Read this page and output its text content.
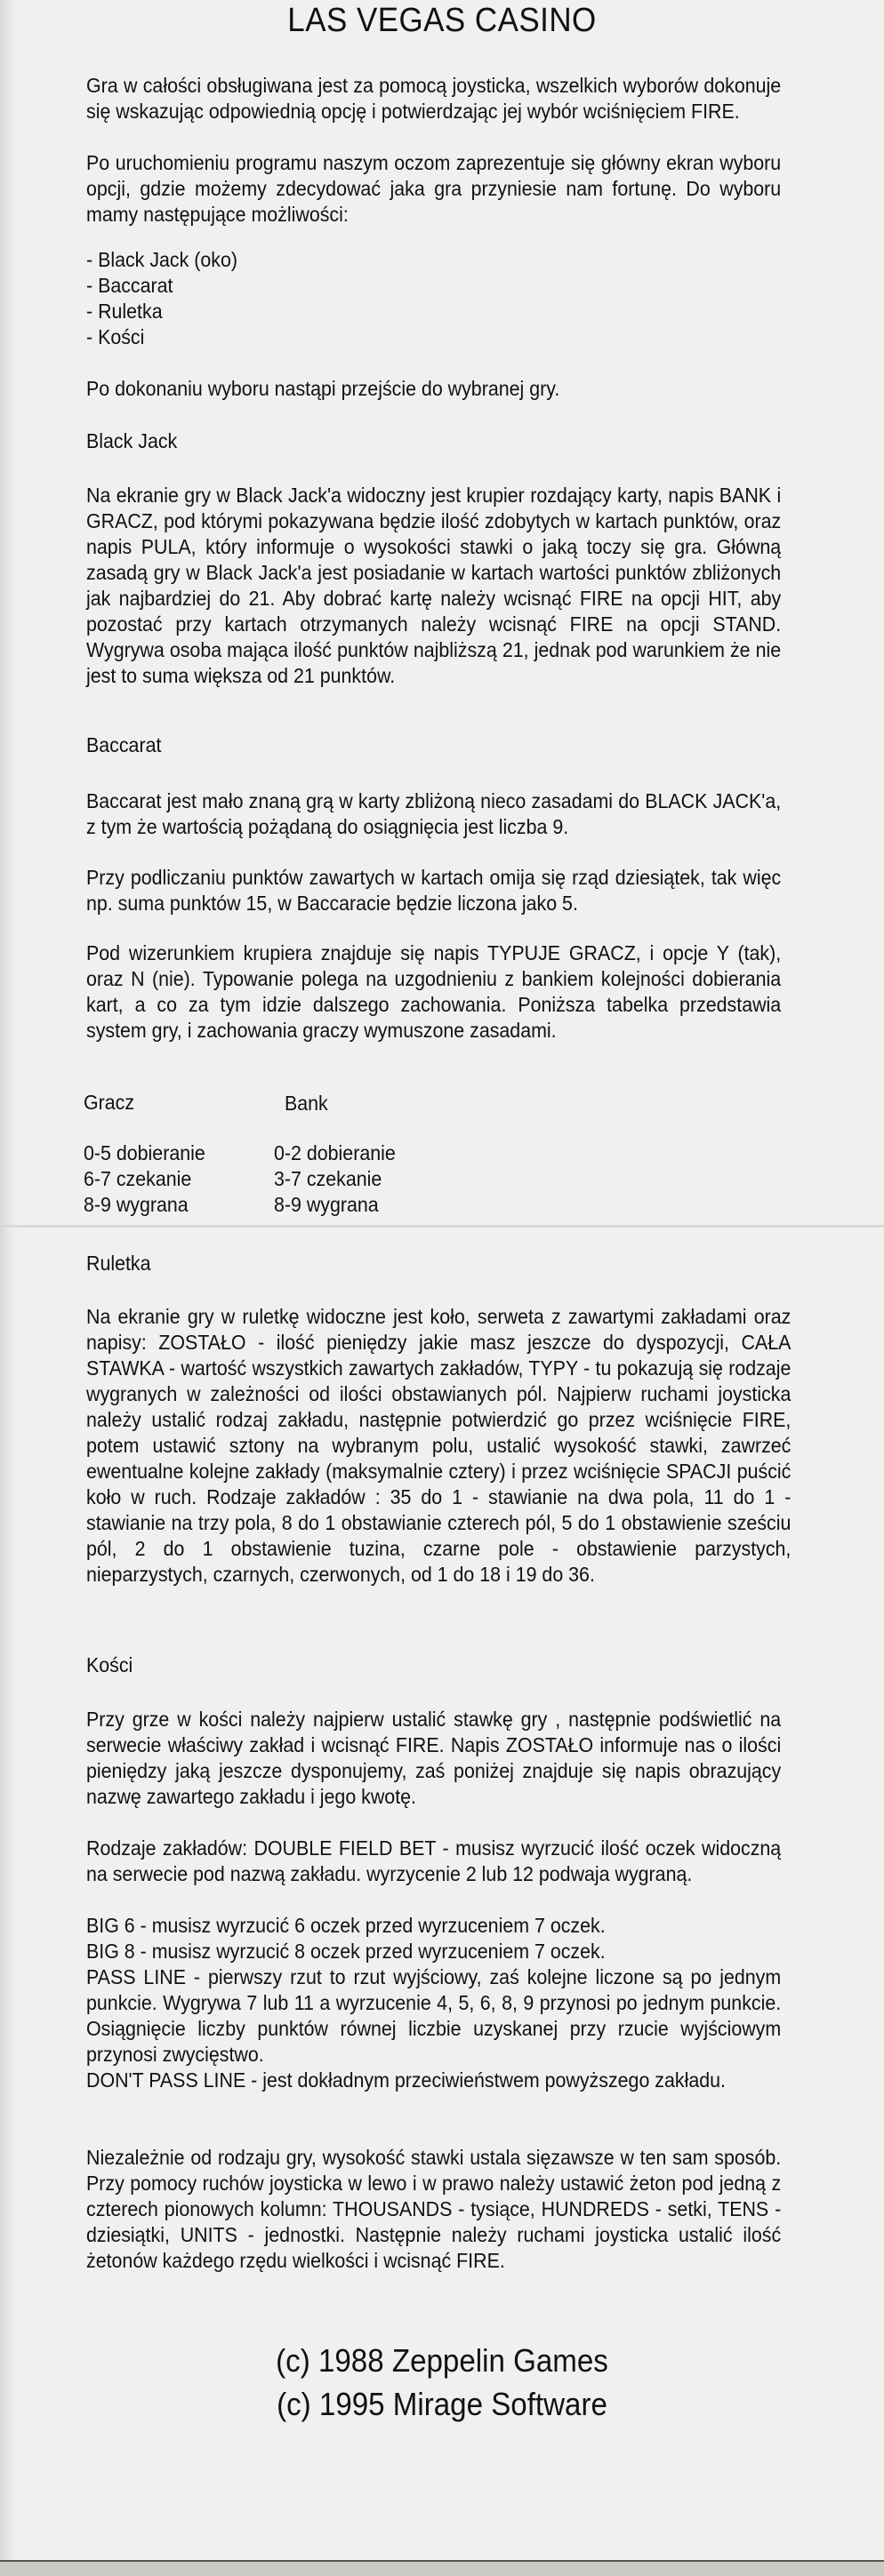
LAS VEGAS CASINO
Gra w całości obsługiwana jest za pomocą joysticka, wszelkich wyborów dokonuje się wskazując odpowiednią opcję i potwierdzając jej wybór wciśnięciem FIRE.
Po uruchomieniu programu naszym oczom zaprezentuje się główny ekran wyboru opcji, gdzie możemy zdecydować jaka gra przyniesie nam fortunę. Do wyboru mamy następujące możliwości:
- Black Jack (oko)
- Baccarat
- Ruletka
- Kości
Po dokonaniu wyboru nastąpi przejście do wybranej gry.
Black Jack
Na ekranie gry w Black Jack'a widoczny jest krupier rozdający karty, napis BANK i GRACZ, pod którymi pokazywana będzie ilość zdobytych w kartach punktów, oraz napis PULA, który informuje o wysokości stawki o jaką toczy się gra. Główną zasadą gry w Black Jack'a jest posiadanie w kartach wartości punktów zbliżonych jak najbardziej do 21. Aby dobrać kartę należy wcisnąć FIRE na opcji HIT, aby pozostać przy kartach otrzymanych należy wcisnąć FIRE na opcji STAND. Wygrywa osoba mająca ilość punktów najbliższą 21, jednak pod warunkiem że nie jest to suma większa od 21 punktów.
Baccarat
Baccarat jest mało znaną grą w karty zbliżoną nieco zasadami do BLACK JACK'a, z tym że wartością pożądaną do osiągnięcia jest liczba 9.
Przy podliczaniu punktów zawartych w kartach omija się rząd dziesiątek, tak więc np. suma punktów 15, w Baccaracie będzie liczona jako 5.
Pod wizerunkiem krupiera znajduje się napis TYPUJE GRACZ, i opcje Y (tak), oraz N (nie). Typowanie polega na uzgodnieniu z bankiem kolejności dobierania kart, a co za tym idzie dalszego zachowania. Poniższa tabelka przedstawia system gry, i zachowania graczy wymuszone zasadami.
Gracz	Bank
0-5 dobieranie
6-7 czekanie
8-9 wygrana
0-2 dobieranie
3-7 czekanie
8-9 wygrana
Ruletka
Na ekranie gry w ruletkę widoczne jest koło, serweta z zawartymi zakładami oraz napisy: ZOSTAŁO - ilość pieniędzy jakie masz jeszcze do dyspozycji, CAŁA STAWKA - wartość wszystkich zawartych zakładów, TYPY - tu pokazują się rodzaje wygranych w zależności od ilości obstawianych pól. Najpierw ruchami joysticka należy ustalić rodzaj zakładu, następnie potwierdzić go przez wciśnięcie FIRE, potem ustawić sztony na wybranym polu, ustalić wysokość stawki, zawrzeć ewentualne kolejne zakłady (maksymalnie cztery) i przez wciśnięcie SPACJI puścić koło w ruch. Rodzaje zakładów : 35 do 1 - stawianie na dwa pola, 11 do 1 - stawianie na trzy pola, 8 do 1 obstawianie czterech pól, 5 do 1 obstawienie sześciu pól, 2 do 1 obstawienie tuzina, czarne pole - obstawienie parzystych, nieparzystych, czarnych, czerwonych, od 1 do 18 i 19 do 36.
Kości
Przy grze w kości należy najpierw ustalić stawkę gry , następnie podświetlić na serwecie właściwy zakład i wcisnąć FIRE. Napis ZOSTAŁO informuje nas o ilości pieniędzy jaką jeszcze dysponujemy, zaś poniżej znajduje się napis obrazujący nazwę zawartego zakładu i jego kwotę.
Rodzaje zakładów: DOUBLE FIELD BET - musisz wyrzucić ilość oczek widoczną na serwecie pod nazwą zakładu. wyrzycenie 2 lub 12 podwaja wygraną.
BIG 6 - musisz wyrzucić 6 oczek przed wyrzuceniem 7 oczek.
BIG 8 - musisz wyrzucić 8 oczek przed wyrzuceniem 7 oczek.
PASS LINE - pierwszy rzut to rzut wyjściowy, zaś kolejne liczone są po jednym punkcie. Wygrywa 7 lub 11 a wyrzucenie 4, 5, 6, 8, 9 przynosi po jednym punkcie. Osiągnięcie liczby punktów równej liczbie uzyskanej przy rzucie wyjściowym przynosi zwycięstwo.
DON'T PASS LINE - jest dokładnym przeciwieństwem powyższego zakładu.
Niezależnie od rodzaju gry, wysokość stawki ustala sięzawsze w ten sam sposób. Przy pomocy ruchów joysticka w lewo i w prawo należy ustawić żeton pod jedną z czterech pionowych kolumn: THOUSANDS - tysiące, HUNDREDS - setki, TENS - dziesiątki, UNITS - jednostki. Następnie należy ruchami joysticka ustalić ilość żetonów każdego rzędu wielkości i wcisnąć FIRE.
(c) 1988 Zeppelin Games
(c) 1995 Mirage Software
